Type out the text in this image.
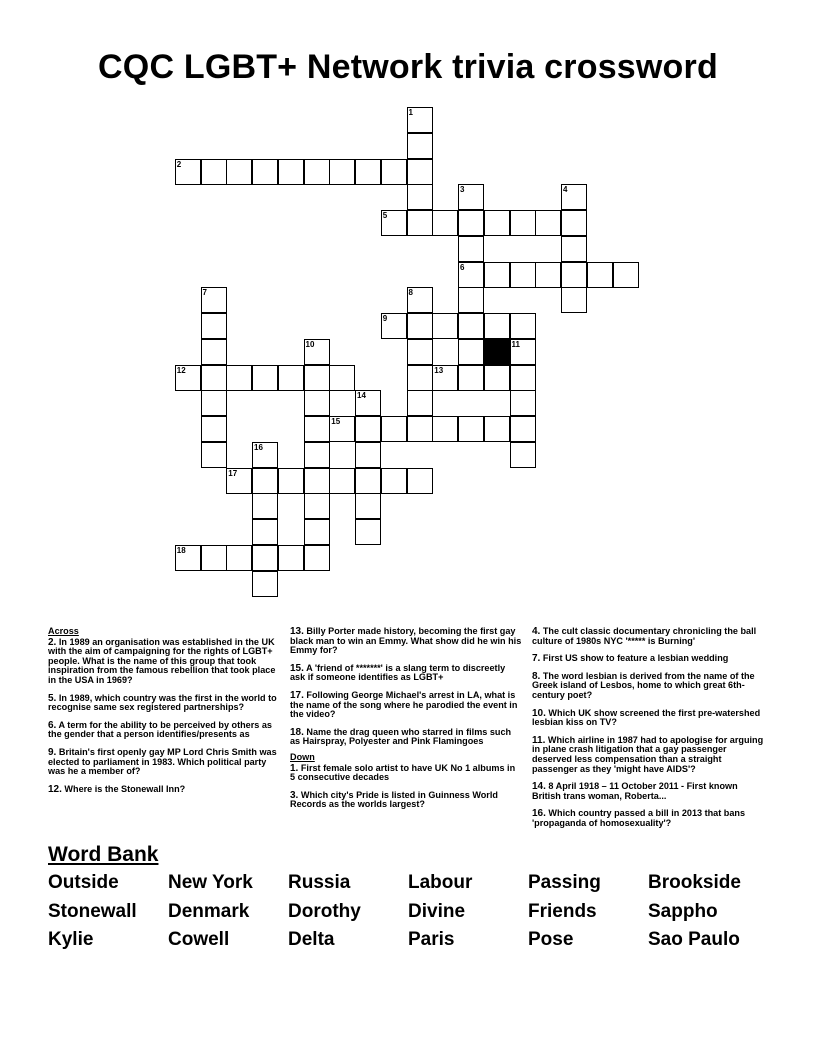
CQC LGBT+ Network trivia crossword
1
2
3
6
4
5
7	8
9
10	11
12	13
14
15
16
17
18
Across
2. In 1989 an organisation was established in the UK with the aim of campaigning for the rights of LGBT+ people. What is the name of this group that took inspiration from the famous rebellion that took place in the USA in 1969?
5. In 1989, which country was the first in the world to recognise same sex registered partnerships?
6. A term for the ability to be perceived by others as the gender that a person identifies/presents as
9. Britain's first openly gay MP Lord Chris Smith was elected to parliament in 1983. Which political party was he a member of?
12. Where is the Stonewall Inn?
13. Billy Porter made history, becoming the first gay black man to win an Emmy. What show did he win his Emmy for?
15. A 'friend of *******' is a slang term to discreetly ask if someone identifies as LGBT+
17. Following George Michael's arrest in LA, what is the name of the song where he parodied the event in the video?
18. Name the drag queen who starred in films such as Hairspray, Polyester and Pink Flamingoes
Down
1. First female solo artist to have UK No 1 albums in 5 consecutive decades
3. Which city's Pride is listed in Guinness World Records as the worlds largest?
4. The cult classic documentary chronicling the ball culture of 1980s NYC '***** is Burning'
7. First US show to feature a lesbian wedding
8. The word lesbian is derived from the name of the Greek island of Lesbos, home to which great 6th-century poet?
10. Which UK show screened the first pre-watershed lesbian kiss on TV?
11. Which airline in 1987 had to apologise for arguing in plane crash litigation that a gay passenger deserved less compensation than a straight passenger as they 'might have AIDS'?
14. 8 April 1918 – 11 October 2011 - First known British trans woman, Roberta...
16. Which country passed a bill in 2013 that bans 'propaganda of homosexuality'?
Word Bank
Outside	New York	Russia	Labour	Passing	Brookside
Stonewall	Denmark	Dorothy	Divine	Friends	Sappho
Kylie	Cowell	Delta	Paris	Pose	Sao Paulo
